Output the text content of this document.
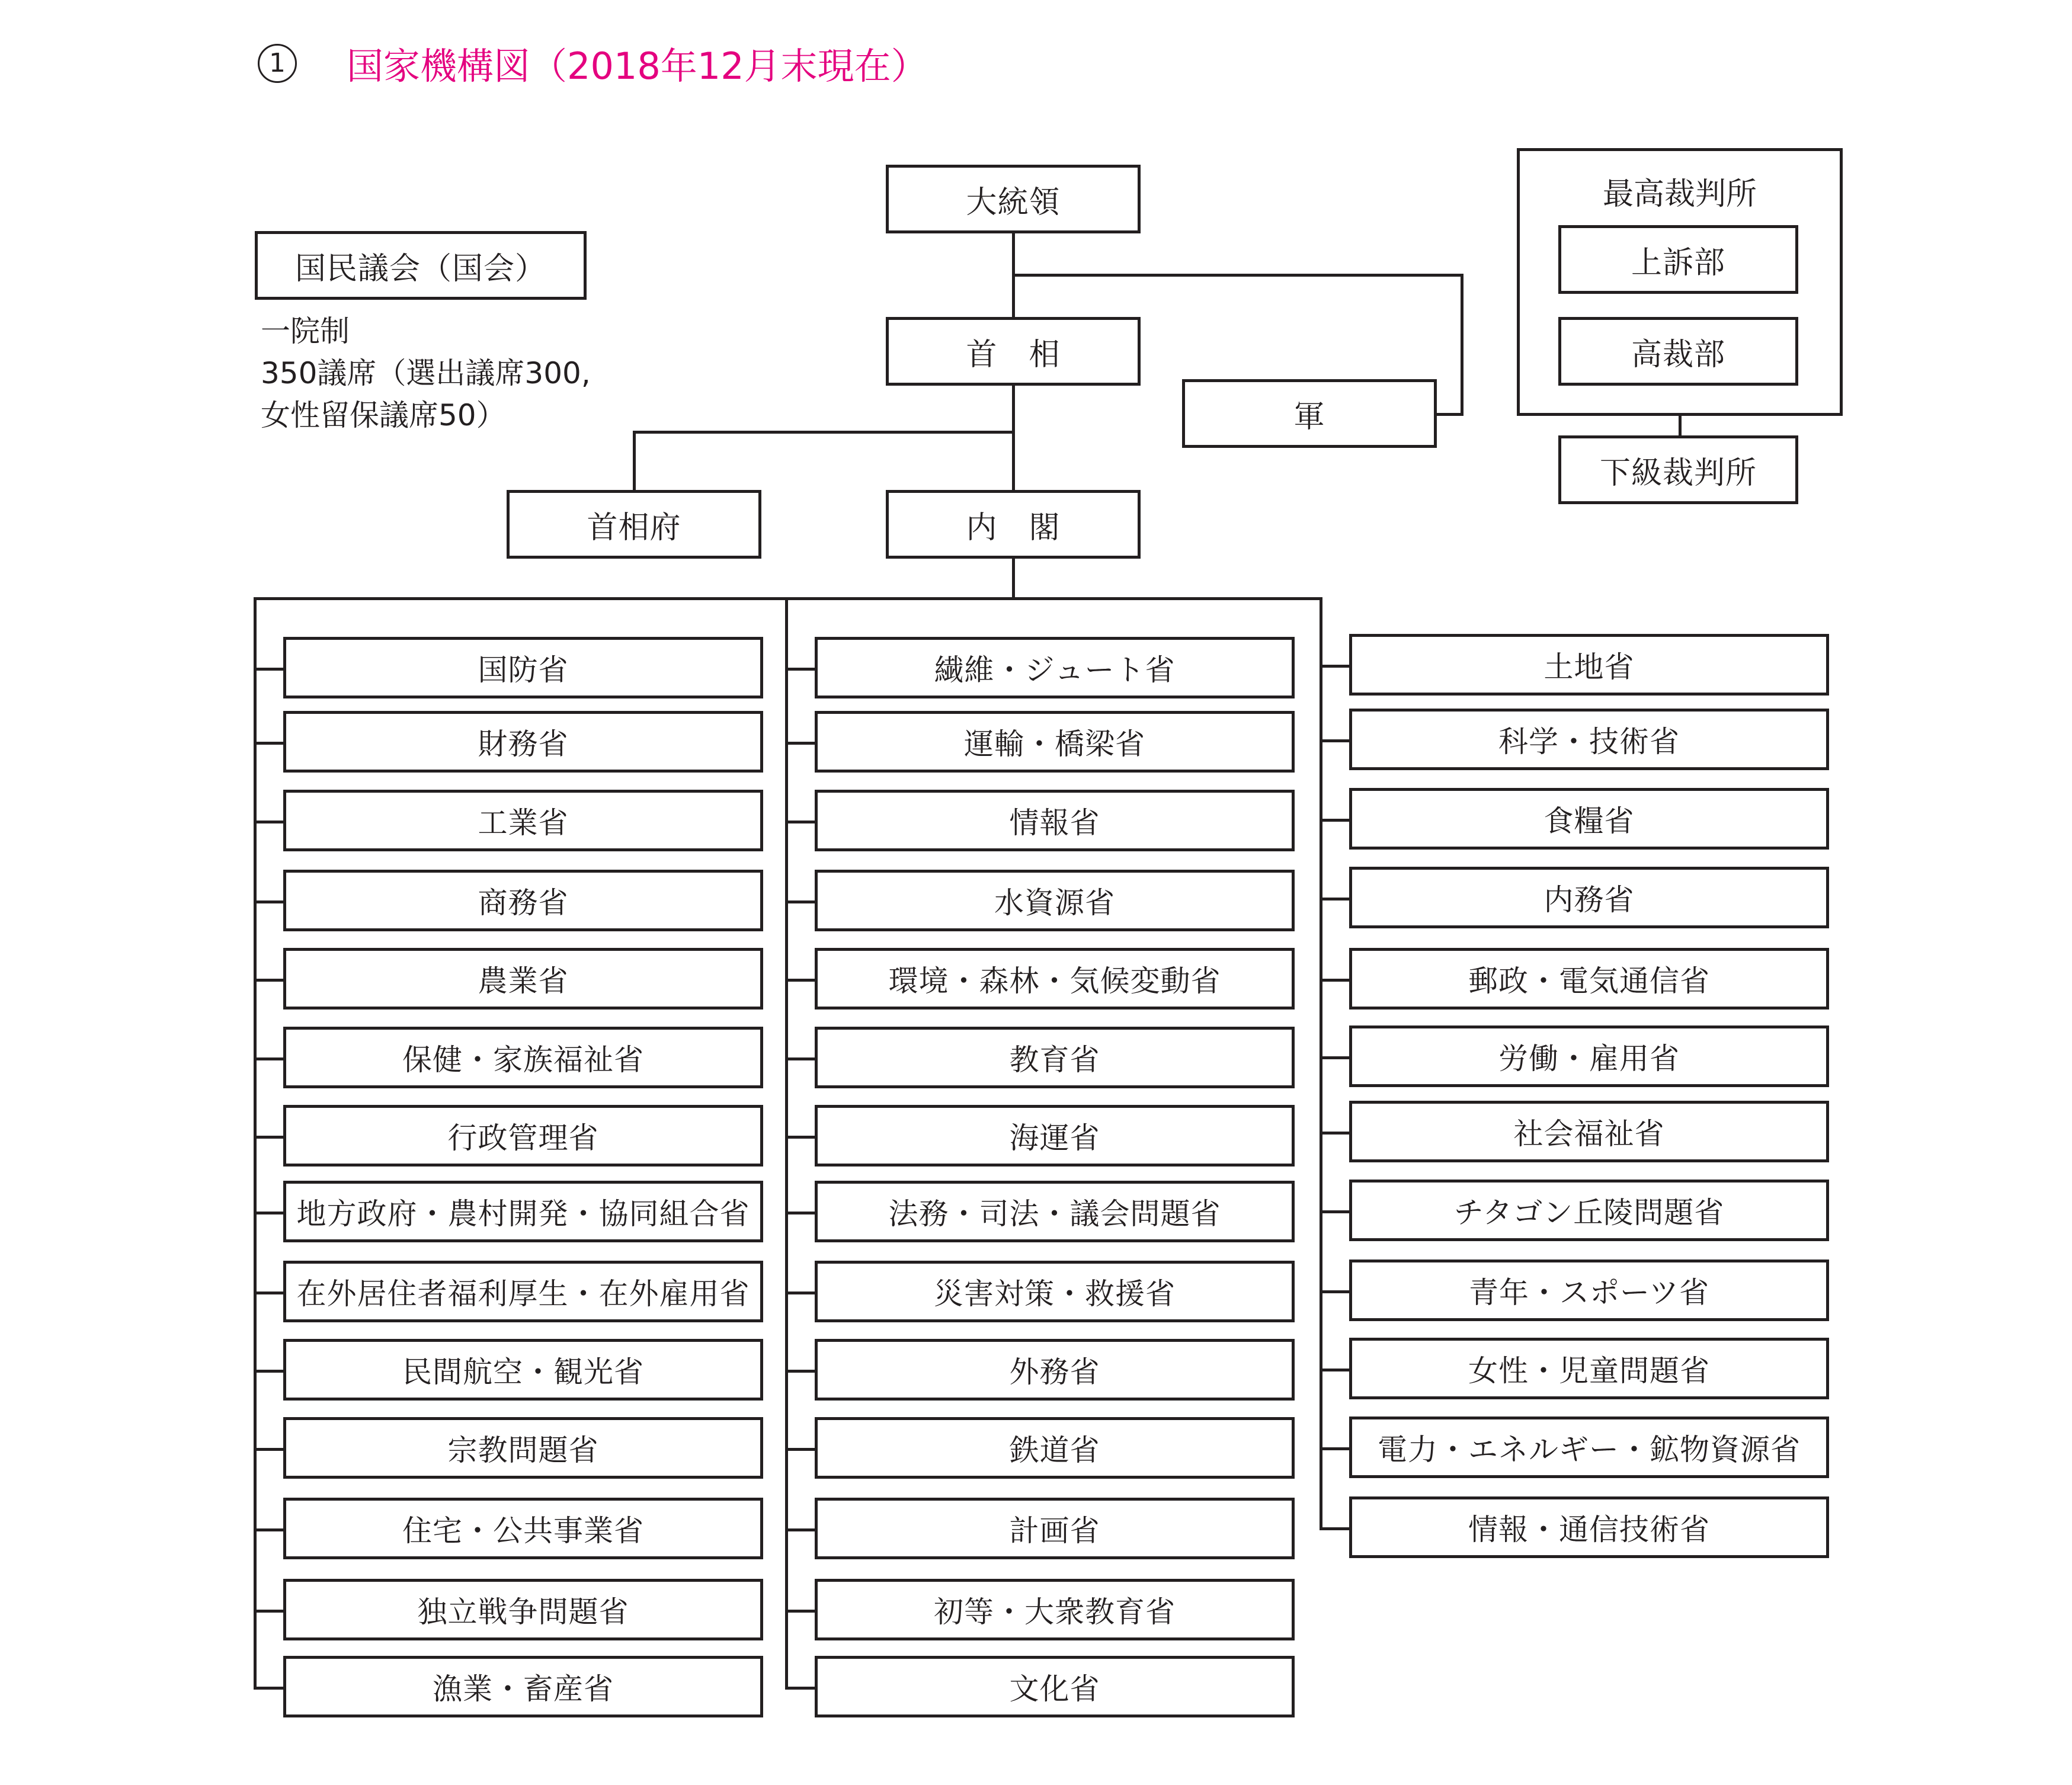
1	国家機構図（2018年12月末現在）
国民議会（国会）
一院制
350議席（選出議席300,
女性留保議席50）
大統領
首　相
軍
首相府	内　閣
最高裁判所
上訴部
高裁部
下級裁判所
国防省
財務省
工業省
商務省
農業省
保健・家族福祉省
行政管理省
地方政府・農村開発・協同組合省
在外居住者福利厚生・在外雇用省
民間航空・観光省
宗教問題省
住宅・公共事業省
独立戦争問題省
漁業・畜産省
繊維・ジュート省
運輸・橋梁省
情報省
水資源省
環境・森林・気候変動省
教育省
海運省
法務・司法・議会問題省
災害対策・救援省
外務省
鉄道省
計画省
初等・大衆教育省
文化省
土地省
科学・技術省
食糧省
内務省
郵政・電気通信省
労働・雇用省
社会福祉省
チタゴン丘陵問題省
青年・スポーツ省
女性・児童問題省
電力・エネルギー・鉱物資源省
情報・通信技術省
